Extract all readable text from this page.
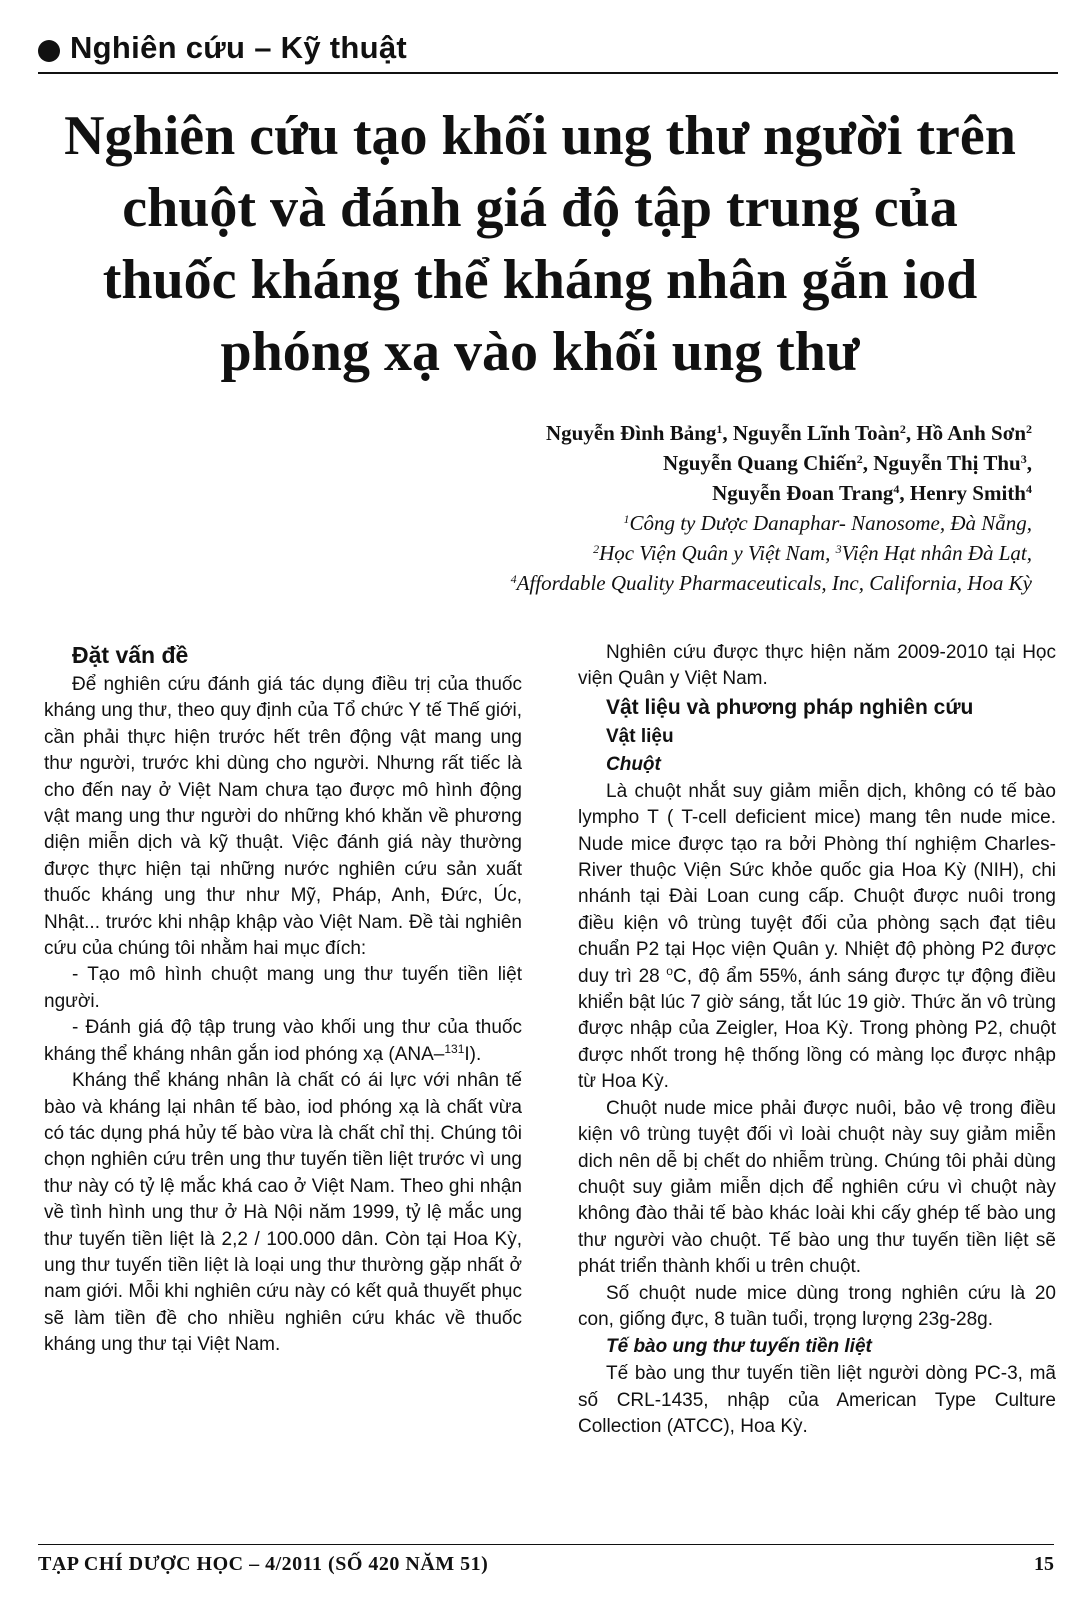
Nghiên cứu – Kỹ thuật
Nghiên cứu tạo khối ung thư người trên chuột và đánh giá độ tập trung của thuốc kháng thể kháng nhân gắn iod phóng xạ vào khối ung thư
Nguyễn Đình Bảng$^1$, Nguyễn Lĩnh Toàn$^2$, Hồ Anh Sơn$^2$
Nguyễn Quang Chiến$^2$, Nguyễn Thị Thu$^3$,
Nguyễn Đoan Trang$^4$, Henry Smith$^4$
$^1$Công ty Dược Danaphar- Nanosome, Đà Nẵng,
$^2$Học Viện Quân y Việt Nam, $^3$Viện Hạt nhân Đà Lạt,
$^4$Affordable Quality Pharmaceuticals, Inc, California, Hoa Kỳ
Đặt vấn đề

Để nghiên cứu đánh giá tác dụng điều trị của thuốc kháng ung thư, theo quy định của Tổ chức Y tế Thế giới, cần phải thực hiện trước hết trên động vật mang ung thư người, trước khi dùng cho người. Nhưng rất tiếc là cho đến nay ở Việt Nam chưa tạo được mô hình động vật mang ung thư người do những khó khăn về phương diện miễn dịch và kỹ thuật. Việc đánh giá này thường được thực hiện tại những nước nghiên cứu sản xuất thuốc kháng ung thư như Mỹ, Pháp, Anh, Đức, Úc, Nhật... trước khi nhập khập vào Việt Nam. Đề tài nghiên cứu của chúng tôi nhằm hai mục đích:

- Tạo mô hình chuột mang ung thư tuyến tiền liệt người.

- Đánh giá độ tập trung vào khối ung thư của thuốc kháng thể kháng nhân gắn iod phóng xạ (ANA–$^{131}$I).

Kháng thể kháng nhân là chất có ái lực với nhân tế bào và kháng lại nhân tế bào, iod phóng xạ là chất vừa có tác dụng phá hủy tế bào vừa là chất chỉ thị. Chúng tôi chọn nghiên cứu trên ung thư tuyến tiền liệt trước vì ung thư này có tỷ lệ mắc khá cao ở Việt Nam. Theo ghi nhận về tình hình ung thư ở Hà Nội năm 1999, tỷ lệ mắc ung thư tuyến tiền liệt là 2,2 / 100.000 dân. Còn tại Hoa Kỳ, ung thư tuyến tiền liệt là loại ung thư thường gặp nhất ở nam giới. Mỗi khi nghiên cứu này có kết quả thuyết phục sẽ làm tiền đề cho nhiều nghiên cứu khác về thuốc kháng ung thư tại Việt Nam.

Nghiên cứu được thực hiện năm 2009-2010 tại Học viện Quân y Việt Nam.

Vật liệu và phương pháp nghiên cứu
Vật liệu
Chuột

Là chuột nhắt suy giảm miễn dịch, không có tế bào lympho T ( T-cell deficient mice) mang tên nude mice. Nude mice được tạo ra bởi Phòng thí nghiệm Charles-River thuộc Viện Sức khỏe quốc gia Hoa Kỳ (NIH), chi nhánh tại Đài Loan cung cấp. Chuột được nuôi trong điều kiện vô trùng tuyệt đối của phòng sạch đạt tiêu chuẩn P2 tại Học viện Quân y. Nhiệt độ phòng P2 được duy trì 28 $^o$C, độ ẩm 55%, ánh sáng được tự động điều khiển bật lúc 7 giờ sáng, tắt lúc 19 giờ. Thức ăn vô trùng được nhập của Zeigler, Hoa Kỳ. Trong phòng P2, chuột được nhốt trong hệ thống lồng có màng lọc được nhập từ Hoa Kỳ.

Chuột nude mice phải được nuôi, bảo vệ trong điều kiện vô trùng tuyệt đối vì loài chuột này suy giảm miễn dich nên dễ bị chết do nhiễm trùng. Chúng tôi phải dùng chuột suy giảm miễn dịch để nghiên cứu vì chuột này không đào thải tế bào khác loài khi cấy ghép tế bào ung thư người vào chuột. Tế bào ung thư tuyến tiền liệt sẽ phát triển thành khối u trên chuột.

Số chuột nude mice dùng trong nghiên cứu là 20 con, giống đực, 8 tuần tuổi, trọng lượng 23g-28g.

Tế bào ung thư tuyến tiền liệt

Tế bào ung thư tuyến tiền liệt người dòng PC-3, mã số CRL-1435, nhập của American Type Culture Collection (ATCC), Hoa Kỳ.

TẠP CHÍ DƯỢC HỌC – 4/2011 (SỐ 420 NĂM 51)	15
